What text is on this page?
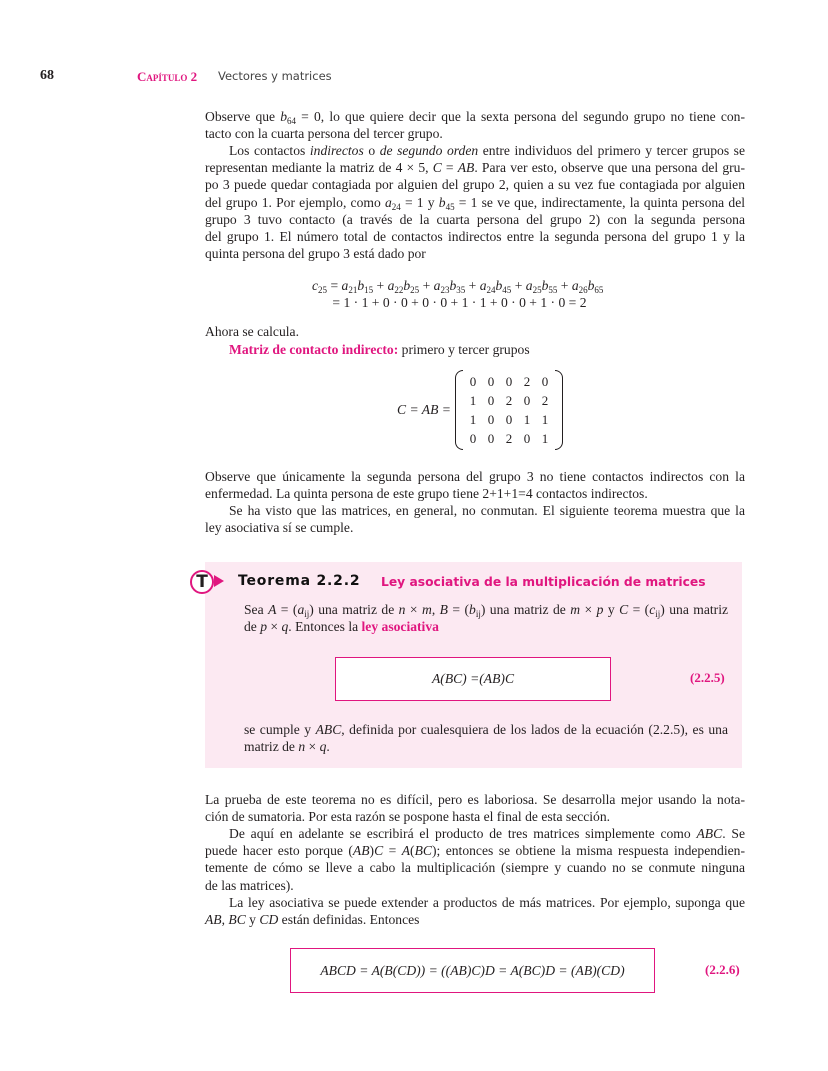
68	Capítulo 2 Vectores y matrices
Observe que $b_{64} = 0$, lo que quiere decir que la sexta persona del segundo grupo no tiene con-
tacto con la cuarta persona del tercer grupo.
Los contactos indirectos o de segundo orden entre individuos del primero y tercer grupos se
representan mediante la matriz de 4 × 5, C = AB. Para ver esto, observe que una persona del gru-
po 3 puede quedar contagiada por alguien del grupo 2, quien a su vez fue contagiada por alguien
del grupo 1. Por ejemplo, como $a_{24} = 1$ y $b_{45} = 1$ se ve que, indirectamente, la quinta persona del
grupo 3 tuvo contacto (a través de la cuarta persona del grupo 2) con la segunda persona
del grupo 1. El número total de contactos indirectos entre la segunda persona del grupo 1 y la
quinta persona del grupo 3 está dado por
$c_{25} = a_{21}b_{15} + a_{22}b_{25} + a_{23}b_{35} + a_{24}b_{45} + a_{25}b_{55} + a_{26}b_{65}$
= 1 · 1 + 0 · 0 + 0 · 0 + 1 · 1 + 0 · 0 + 1 · 0 = 2
Ahora se calcula.
Matriz de contacto indirecto: primero y tercer grupos
C = AB =
0	0	0	2	0
1	0	2	0	2
1	0	0	1	1
0	0	2	0	1
Observe que únicamente la segunda persona del grupo 3 no tiene contactos indirectos con la
enfermedad. La quinta persona de este grupo tiene 2+1+1=4 contactos indirectos.
Se ha visto que las matrices, en general, no conmutan. El siguiente teorema muestra que la
ley asociativa sí se cumple.
T	Teorema 2.2.2 Ley asociativa de la multiplicación de matrices
Sea $A = (a_{ij})$ una matriz de n × m, $B = (b_{ij})$ una matriz de m × p y $C = (c_{ij})$ una matriz
de p × q. Entonces la ley asociativa
A(BC) =(AB)C	(2.2.5)
se cumple y ABC, definida por cualesquiera de los lados de la ecuación (2.2.5), es una
matriz de n × q.
La prueba de este teorema no es difícil, pero es laboriosa. Se desarrolla mejor usando la nota-
ción de sumatoria. Por esta razón se pospone hasta el final de esta sección.
De aquí en adelante se escribirá el producto de tres matrices simplemente como ABC. Se
puede hacer esto porque (AB)C = A(BC); entonces se obtiene la misma respuesta independien-
temente de cómo se lleve a cabo la multiplicación (siempre y cuando no se conmute ninguna
de las matrices).
La ley asociativa se puede extender a productos de más matrices. Por ejemplo, suponga que
AB, BC y CD están definidas. Entonces
ABCD = A(B(CD)) = ((AB)C)D = A(BC)D = (AB)(CD)	(2.2.6)
